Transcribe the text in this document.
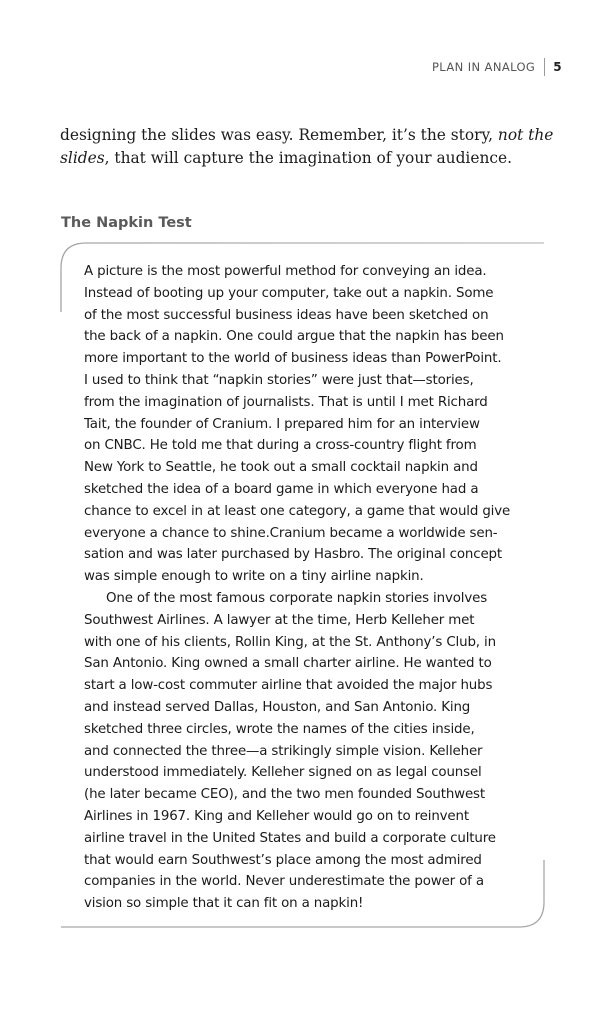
PLAN IN ANALOG 5

designing the slides was easy. Remember, it’s the story, not the
slides, that will capture the imagination of your audience.

The Napkin Test
A picture is the most powerful method for conveying an idea.
Instead of booting up your computer, take out a napkin. Some
of the most successful business ideas have been sketched on
the back of a napkin. One could argue that the napkin has been
more important to the world of business ideas than PowerPoint.
I used to think that “napkin stories” were just that—stories,
from the imagination of journalists. That is until I met Richard
Tait, the founder of Cranium. I prepared him for an interview
on CNBC. He told me that during a cross-country flight from
New York to Seattle, he took out a small cocktail napkin and
sketched the idea of a board game in which everyone had a
chance to excel in at least one category, a game that would give
everyone a chance to shine.Cranium became a worldwide sen-
sation and was later purchased by Hasbro. The original concept
was simple enough to write on a tiny airline napkin.
One of the most famous corporate napkin stories involves
Southwest Airlines. A lawyer at the time, Herb Kelleher met
with one of his clients, Rollin King, at the St. Anthony’s Club, in
San Antonio. King owned a small charter airline. He wanted to
start a low-cost commuter airline that avoided the major hubs
and instead served Dallas, Houston, and San Antonio. King
sketched three circles, wrote the names of the cities inside,
and connected the three—a strikingly simple vision. Kelleher
understood immediately. Kelleher signed on as legal counsel
(he later became CEO), and the two men founded Southwest
Airlines in 1967. King and Kelleher would go on to reinvent
airline travel in the United States and build a corporate culture
that would earn Southwest’s place among the most admired
companies in the world. Never underestimate the power of a
vision so simple that it can fit on a napkin!
